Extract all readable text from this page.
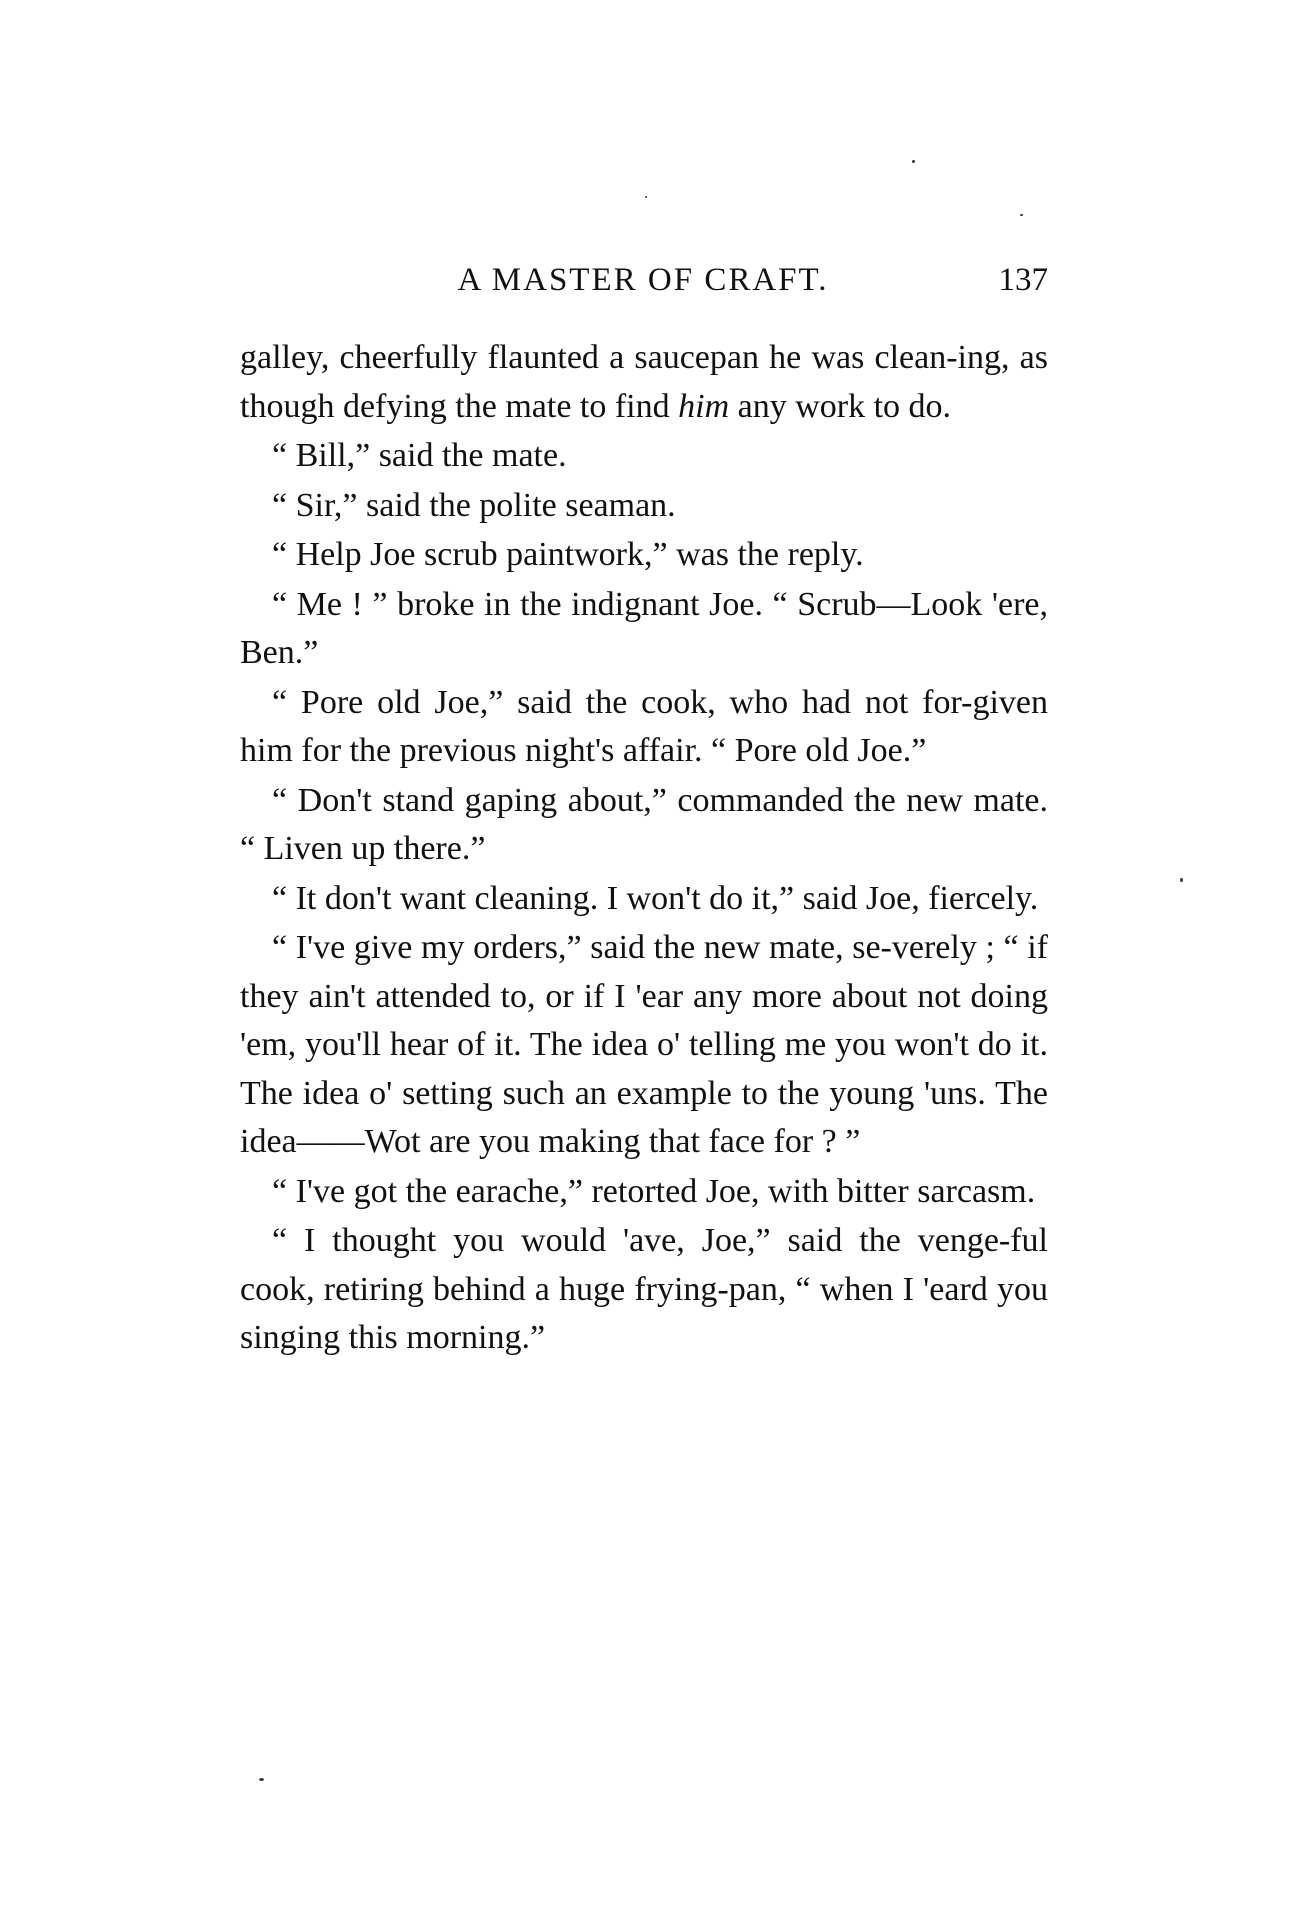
A MASTER OF CRAFT.	137

galley, cheerfully flaunted a saucepan he was clean-ing, as though defying the mate to find him any work to do.

“ Bill,” said the mate.

“ Sir,” said the polite seaman.

“ Help Joe scrub paintwork,” was the reply.

“ Me ! ” broke in the indignant Joe. “ Scrub—Look 'ere, Ben.”

“ Pore old Joe,” said the cook, who had not for-given him for the previous night's affair. “ Pore old Joe.”

“ Don't stand gaping about,” commanded the new mate. “ Liven up there.”

“ It don't want cleaning. I won't do it,” said Joe, fiercely.

“ I've give my orders,” said the new mate, se-verely ; “ if they ain't attended to, or if I 'ear any more about not doing 'em, you'll hear of it. The idea o' telling me you won't do it. The idea o' setting such an example to the young 'uns. The idea——Wot are you making that face for ? ”

“ I've got the earache,” retorted Joe, with bitter sarcasm.

“ I thought you would 'ave, Joe,” said the venge-ful cook, retiring behind a huge frying-pan, “ when I 'eard you singing this morning.”
